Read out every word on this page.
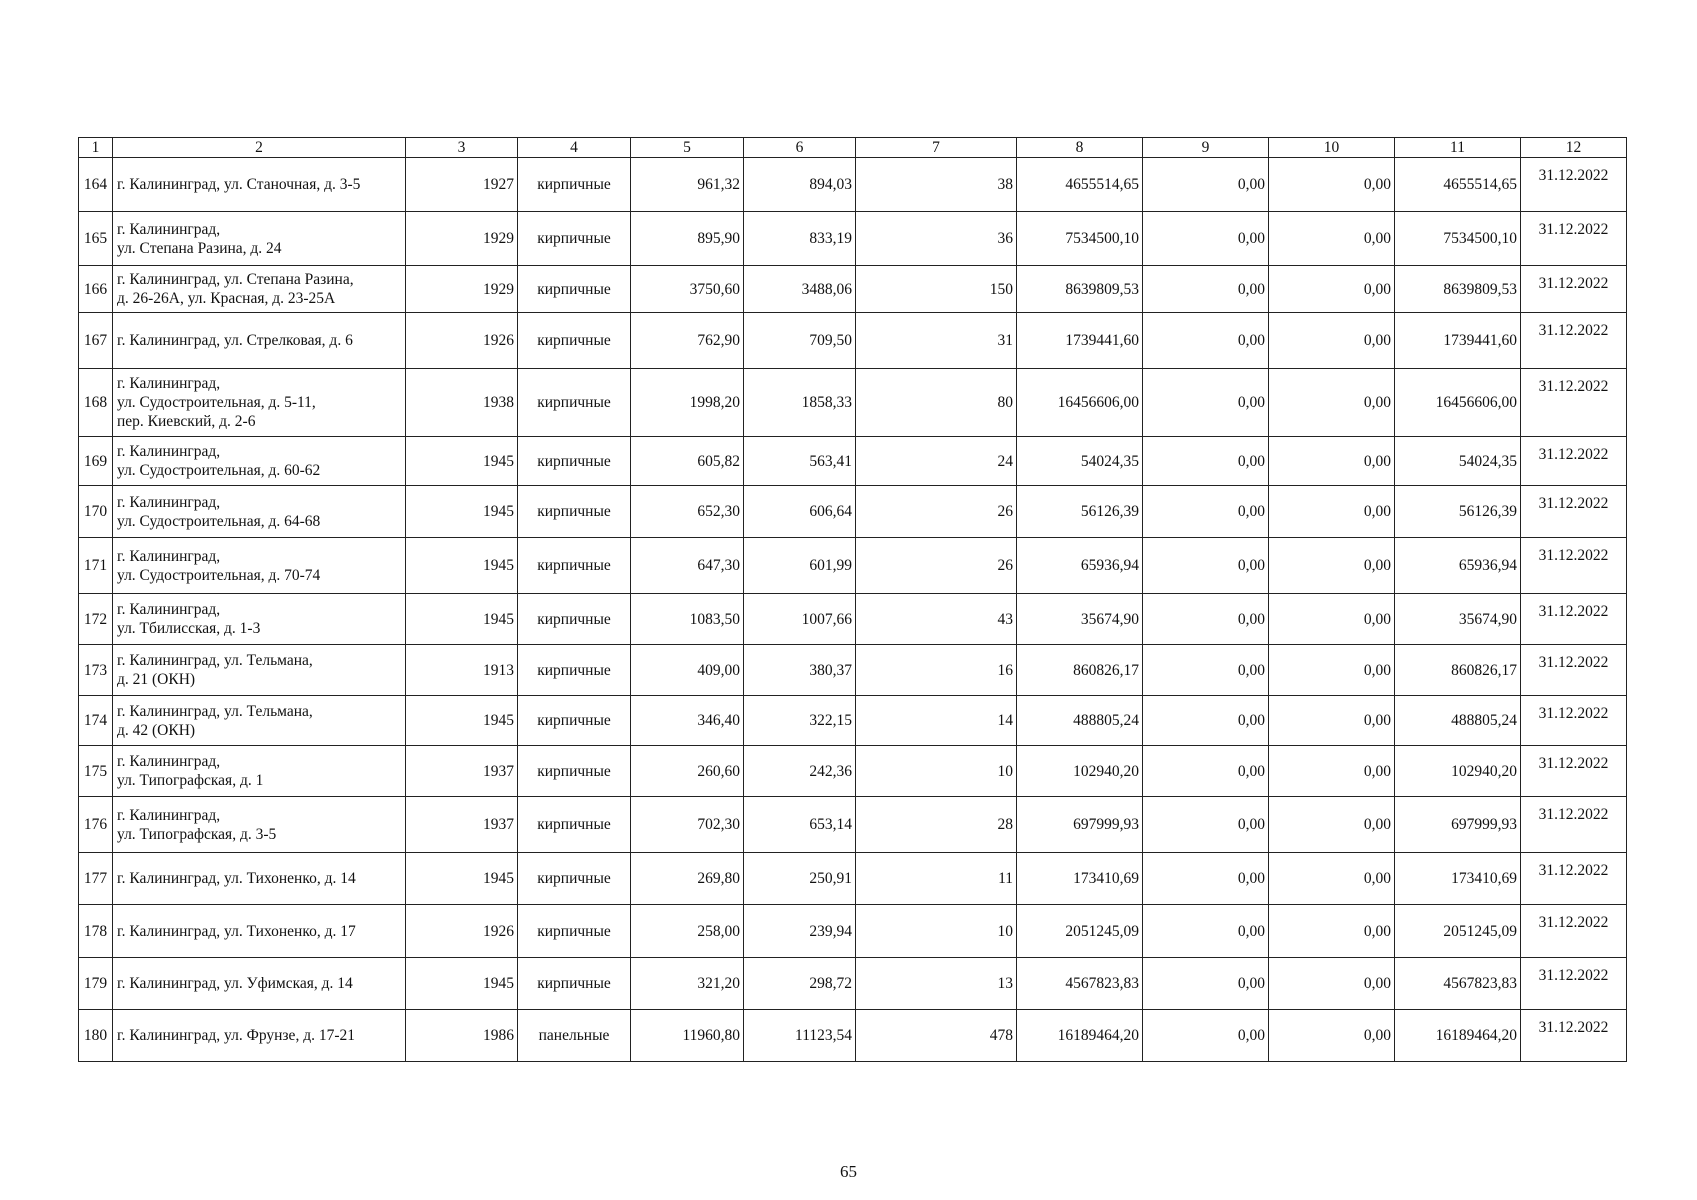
1	2	3	4	5	6	7	8	9	10	11	12
164	г. Калининград, ул. Станочная, д. 3-5	1927	кирпичные	961,32	894,03	38	4655514,65	0,00	0,00	4655514,65	31.12.2022
165	г. Калининград,
ул. Степана Разина, д. 24	1929	кирпичные	895,90	833,19	36	7534500,10	0,00	0,00	7534500,10	31.12.2022
166	г. Калининград, ул. Степана Разина,
д. 26-26А, ул. Красная, д. 23-25А	1929	кирпичные	3750,60	3488,06	150	8639809,53	0,00	0,00	8639809,53	31.12.2022
167	г. Калининград, ул. Стрелковая, д. 6	1926	кирпичные	762,90	709,50	31	1739441,60	0,00	0,00	1739441,60	31.12.2022
168	г. Калининград,
ул. Судостроительная, д. 5-11,
пер. Киевский, д. 2-6	1938	кирпичные	1998,20	1858,33	80	16456606,00	0,00	0,00	16456606,00	31.12.2022
169	г. Калининград,
ул. Судостроительная, д. 60-62	1945	кирпичные	605,82	563,41	24	54024,35	0,00	0,00	54024,35	31.12.2022
170	г. Калининград,
ул. Судостроительная, д. 64-68	1945	кирпичные	652,30	606,64	26	56126,39	0,00	0,00	56126,39	31.12.2022
171	г. Калининград,
ул. Судостроительная, д. 70-74	1945	кирпичные	647,30	601,99	26	65936,94	0,00	0,00	65936,94	31.12.2022
172	г. Калининград,
ул. Тбилисская, д. 1-3	1945	кирпичные	1083,50	1007,66	43	35674,90	0,00	0,00	35674,90	31.12.2022
173	г. Калининград, ул. Тельмана,
д. 21 (ОКН)	1913	кирпичные	409,00	380,37	16	860826,17	0,00	0,00	860826,17	31.12.2022
174	г. Калининград, ул. Тельмана,
д. 42 (ОКН)	1945	кирпичные	346,40	322,15	14	488805,24	0,00	0,00	488805,24	31.12.2022
175	г. Калининград,
ул. Типографская, д. 1	1937	кирпичные	260,60	242,36	10	102940,20	0,00	0,00	102940,20	31.12.2022
176	г. Калининград,
ул. Типографская, д. 3-5	1937	кирпичные	702,30	653,14	28	697999,93	0,00	0,00	697999,93	31.12.2022
177	г. Калининград, ул. Тихоненко, д. 14	1945	кирпичные	269,80	250,91	11	173410,69	0,00	0,00	173410,69	31.12.2022
178	г. Калининград, ул. Тихоненко, д. 17	1926	кирпичные	258,00	239,94	10	2051245,09	0,00	0,00	2051245,09	31.12.2022
179	г. Калининград, ул. Уфимская, д. 14	1945	кирпичные	321,20	298,72	13	4567823,83	0,00	0,00	4567823,83	31.12.2022
180	г. Калининград, ул. Фрунзе, д. 17-21	1986	панельные	11960,80	11123,54	478	16189464,20	0,00	0,00	16189464,20	31.12.2022
65
